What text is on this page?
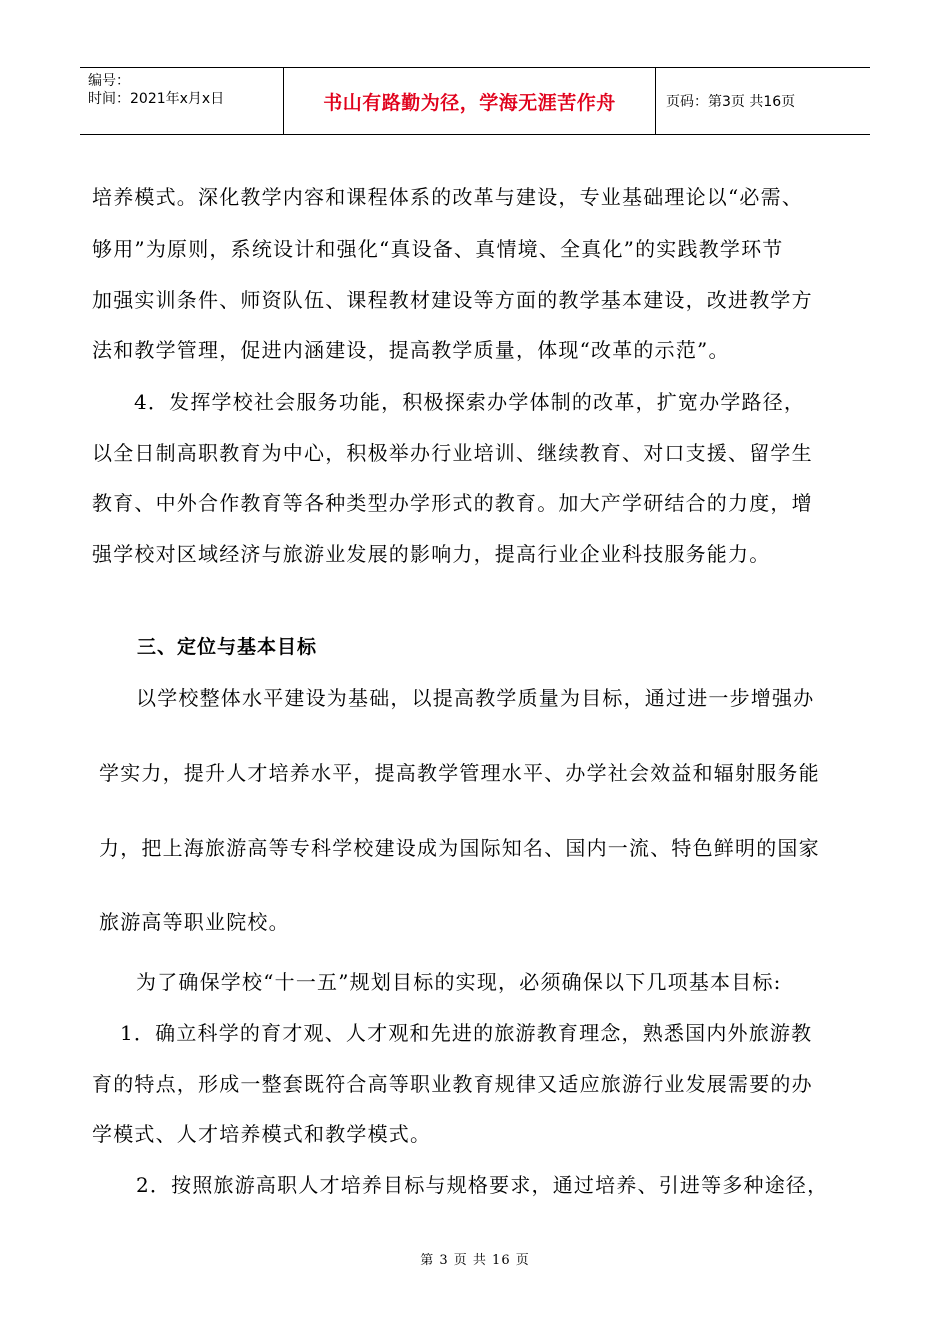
编号：
时间：2021年x月x日	书山有路勤为径，学海无涯苦作舟	页码：第3页 共16页
培养模式。深化教学内容和课程体系的改革与建设，专业基础理论以“必需、
够用”为原则，系统设计和强化“真设备、真情境、全真化”的实践教学环节
加强实训条件、师资队伍、课程教材建设等方面的教学基本建设，改进教学方
法和教学管理，促进内涵建设，提高教学质量，体现“改革的示范”。
4．发挥学校社会服务功能，积极探索办学体制的改革，扩宽办学路径，
以全日制高职教育为中心，积极举办行业培训、继续教育、对口支援、留学生
教育、中外合作教育等各种类型办学形式的教育。加大产学研结合的力度，增
强学校对区域经济与旅游业发展的影响力，提高行业企业科技服务能力。
三、定位与基本目标
以学校整体水平建设为基础，以提高教学质量为目标，通过进一步增强办
学实力，提升人才培养水平，提高教学管理水平、办学社会效益和辐射服务能
力，把上海旅游高等专科学校建设成为国际知名、国内一流、特色鲜明的国家
旅游高等职业院校。
为了确保学校“十一五”规划目标的实现，必须确保以下几项基本目标:
1．确立科学的育才观、人才观和先进的旅游教育理念，熟悉国内外旅游教
育的特点，形成一整套既符合高等职业教育规律又适应旅游行业发展需要的办
学模式、人才培养模式和教学模式。
2．按照旅游高职人才培养目标与规格要求，通过培养、引进等多种途径，
第 3 页 共 16 页
